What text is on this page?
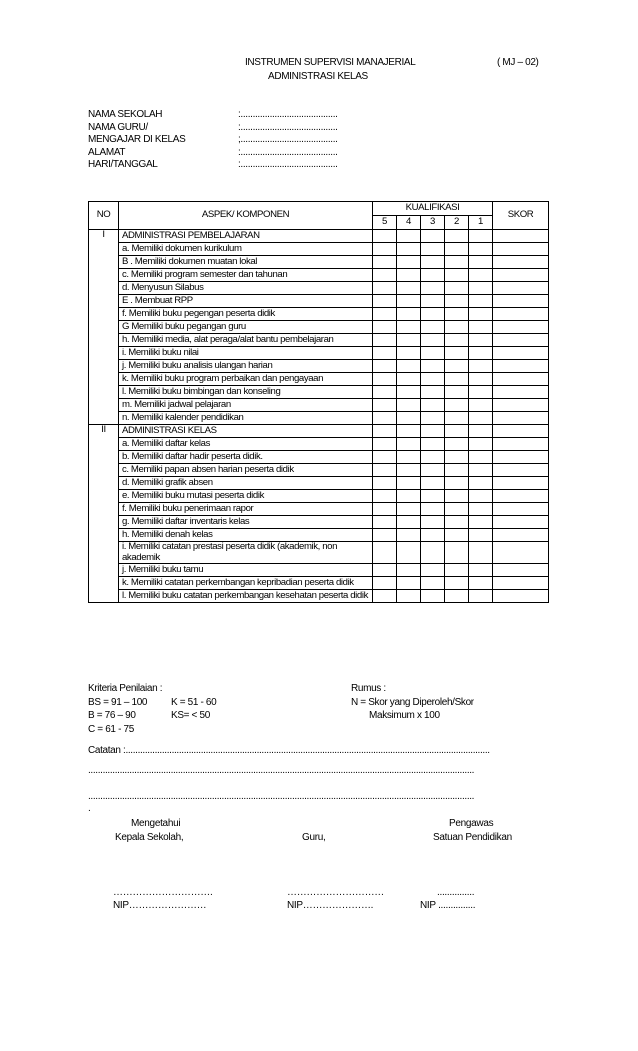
INSTRUMEN SUPERVISI MANAJERIAL	( MJ – 02)
ADMINISTRASI KELAS
NAMA SEKOLAH	:........................................
NAMA GURU/	:........................................
MENGAJAR DI KELAS	;........................................
ALAMAT	:........................................
HARI/TANGGAL	:........................................
NO	ASPEK/ KOMPONEN	KUALIFIKASI					SKOR
		5	4	3	2	1	
I	ADMINISTRASI PEMBELAJARAN						
	a. Memiliki dokumen kurikulum						
	B . Memiliki dokumen muatan lokal						
	c. Memiliki program semester dan tahunan						
	d. Menyusun Silabus						
	E . Membuat RPP						
	f. Memiliki buku pegengan peserta didik						
	G Memiliki buku pegangan guru						
	h. Memiliki media, alat peraga/alat bantu pembelajaran						
	i. Memiliki buku nilai						
	j. Memiliki buku analisis ulangan harian						
	k. Memiliki buku program perbaikan dan pengayaan						
	l. Memiliki buku bimbingan dan konseling						
	m. Memiliki jadwal pelajaran						
	n. Memiliki kalender pendidikan						
II	ADMINISTRASI KELAS						
	a. Memiliki daftar kelas						
	b. Memiliki daftar hadir peserta didik.						
	c. Memiliki papan absen harian peserta didik						
	d. Memiliki grafik absen						
	e. Memiliki buku mutasi peserta didik						
	f. Memiliki buku penerimaan rapor						
	g. Memiliki daftar inventaris kelas						
	h. Memiliki denah kelas						
	i. Memiliki catatan prestasi peserta didik (akademik, non akademik						
	j. Memiliki buku tamu						
	k. Memiliki catatan perkembangan kepribadian peserta didik						
	l. Memiliki buku catatan perkembangan kesehatan peserta didik						
Kriteria Penilaian :
BS = 91 – 100 K = 51 - 60
B = 76 – 90	KS= < 50
C = 61 - 75
Rumus :
N = Skor yang Diperoleh/Skor
Maksimum x 100
Catatan :......................................................................................................................................................
...............................................................................................................................................................
...............................................................................................................................................................
.
Mengetahui
Kepala Sekolah,	Guru,
Pengawas
Satuan Pendidikan
………………………….	…………………………	...............
NIP……………………	NIP………………….	NIP ...............
